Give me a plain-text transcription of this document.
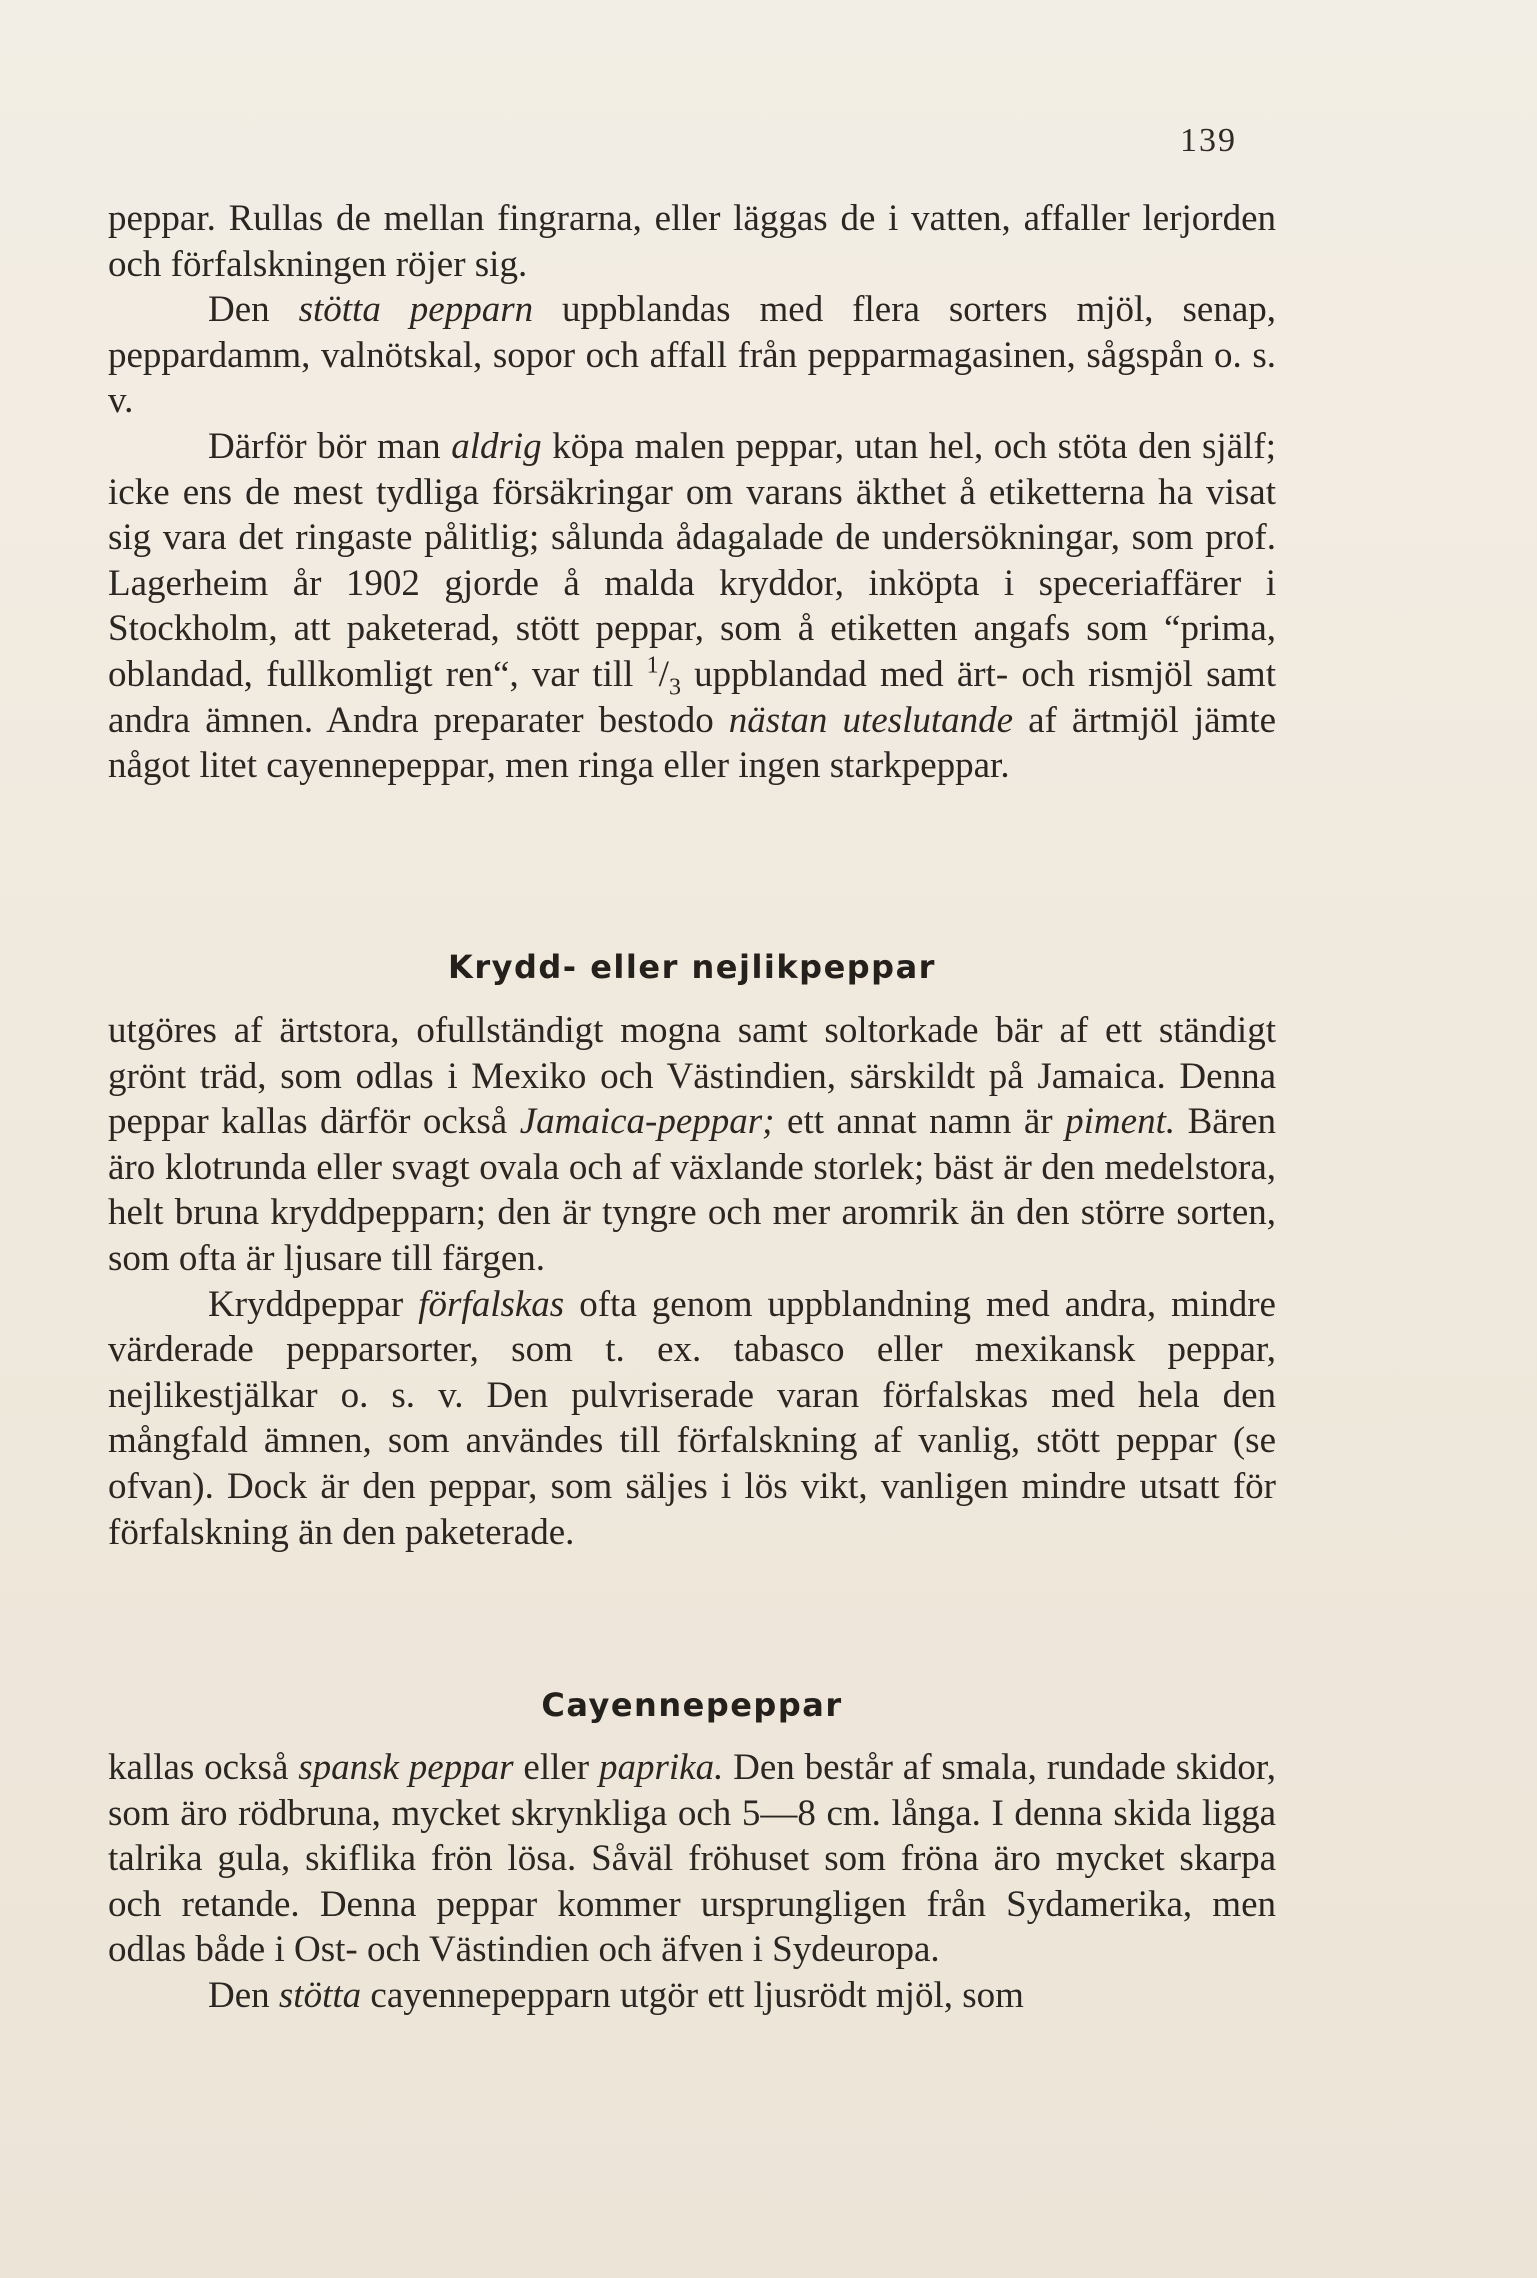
139

peppar. Rullas de mellan fingrarna, eller läggas de i vatten, affaller lerjorden och förfalskningen röjer sig.

Den stötta pepparn uppblandas med flera sorters mjöl, senap, peppardamm, valnötskal, sopor och affall från pepparmagasinen, sågspån o. s. v.

Därför bör man aldrig köpa malen peppar, utan hel, och stöta den själf; icke ens de mest tydliga försäkringar om varans äkthet å etiketterna ha visat sig vara det ringaste pålitlig; sålunda ådagalade de undersökningar, som prof. Lagerheim år 1902 gjorde å malda kryddor, inköpta i speceriaffärer i Stockholm, att paketerad, stött peppar, som å etiketten angafs som “prima, oblandad, fullkomligt ren“, var till $^1/_3$ uppblandad med ärt- och rismjöl samt andra ämnen. Andra preparater bestodo nästan uteslutande af ärtmjöl jämte något litet cayennepeppar, men ringa eller ingen starkpeppar.

Krydd- eller nejlikpeppar

utgöres af ärtstora, ofullständigt mogna samt soltorkade bär af ett ständigt grönt träd, som odlas i Mexiko och Västindien, särskildt på Jamaica. Denna peppar kallas därför också Jamaica-peppar; ett annat namn är piment. Bären äro klotrunda eller svagt ovala och af växlande storlek; bäst är den medelstora, helt bruna kryddpepparn; den är tyngre och mer aromrik än den större sorten, som ofta är ljusare till färgen.

Kryddpeppar förfalskas ofta genom uppblandning med andra, mindre värderade pepparsorter, som t. ex. tabasco eller mexikansk peppar, nejlikestjälkar o. s. v. Den pulvriserade varan förfalskas med hela den mångfald ämnen, som användes till förfalskning af vanlig, stött peppar (se ofvan). Dock är den peppar, som säljes i lös vikt, vanligen mindre utsatt för förfalskning än den paketerade.

Cayennepeppar

kallas också spansk peppar eller paprika. Den består af smala, rundade skidor, som äro rödbruna, mycket skrynkliga och 5—8 cm. långa. I denna skida ligga talrika gula, skiflika frön lösa. Såväl fröhuset som fröna äro mycket skarpa och retande. Denna peppar kommer ursprungligen från Sydamerika, men odlas både i Ost- och Västindien och äfven i Sydeuropa.

Den stötta cayennepepparn utgör ett ljusrödt mjöl, som
